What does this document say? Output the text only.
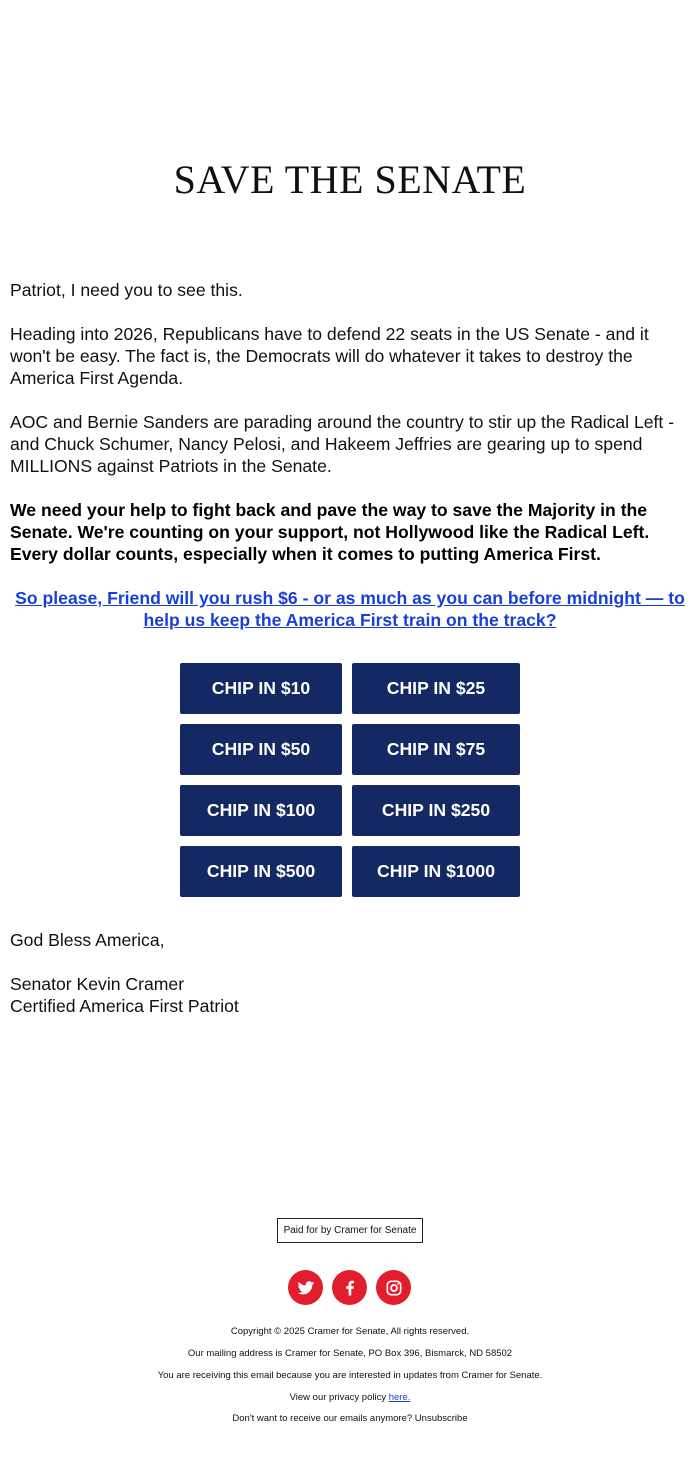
SAVE THE SENATE
Patriot, I need you to see this.
Heading into 2026, Republicans have to defend 22 seats in the US Senate - and it won't be easy. The fact is, the Democrats will do whatever it takes to destroy the America First Agenda.
AOC and Bernie Sanders are parading around the country to stir up the Radical Left - and Chuck Schumer, Nancy Pelosi, and Hakeem Jeffries are gearing up to spend MILLIONS against Patriots in the Senate.
We need your help to fight back and pave the way to save the Majority in the Senate. We're counting on your support, not Hollywood like the Radical Left. Every dollar counts, especially when it comes to putting America First.
So please, Friend will you rush $6 - or as much as you can before midnight — to help us keep the America First train on the track?
CHIP IN $10	CHIP IN $25
CHIP IN $50	CHIP IN $75
CHIP IN $100	CHIP IN $250
CHIP IN $500	CHIP IN $1000
God Bless America,
Senator Kevin Cramer
Certified America First Patriot
Paid for by Cramer for Senate
Copyright © 2025 Cramer for Senate, All rights reserved.
Our mailing address is Cramer for Senate, PO Box 396, Bismarck, ND 58502
You are receiving this email because you are interested in updates from Cramer for Senate.
View our privacy policy here.
Don't want to receive our emails anymore? Unsubscribe
